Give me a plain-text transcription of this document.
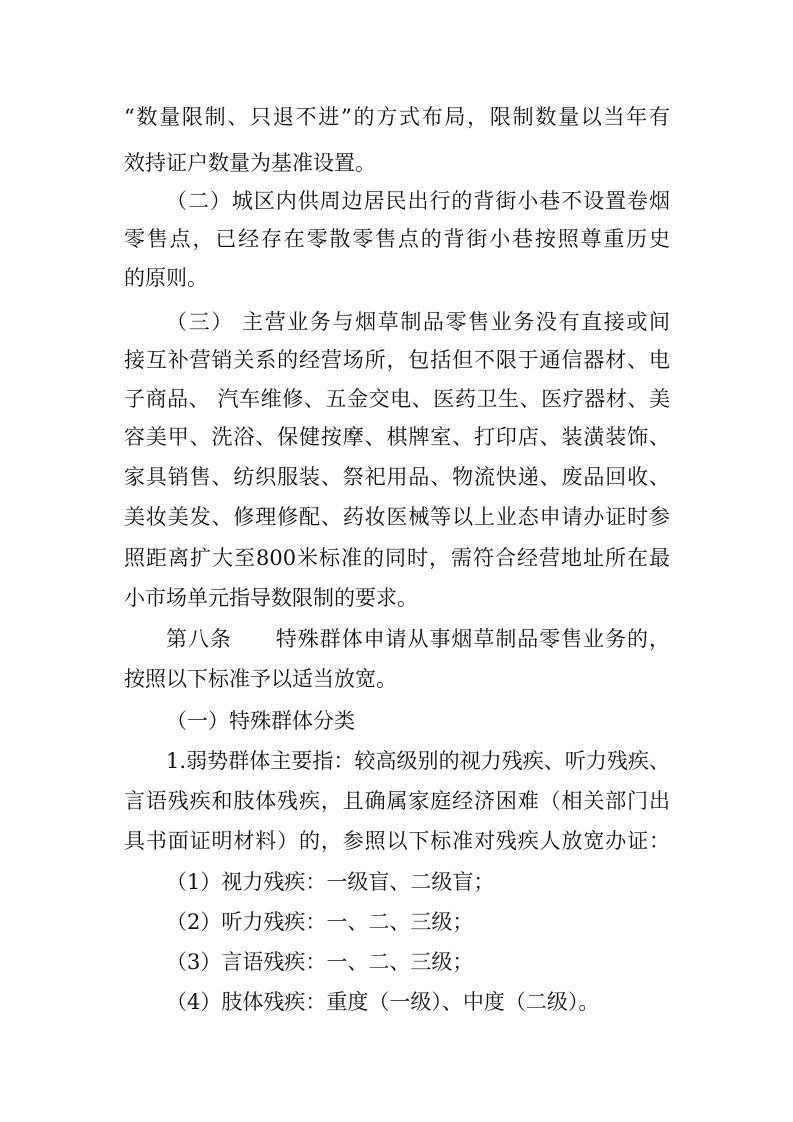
“数量限制、只退不进”的方式布局，限制数量以当年有
效持证户数量为基准设置。
（二）城区内供周边居民出行的背街小巷不设置卷烟
零售点，已经存在零散零售点的背街小巷按照尊重历史
的原则。
（三） 主营业务与烟草制品零售业务没有直接或间
接互补营销关系的经营场所，包括但不限于通信器材、电
子商品、 汽车维修、五金交电、医药卫生、医疗器材、美
容美甲、洗浴、保健按摩、棋牌室、打印店、装潢装饰、
家具销售、纺织服装、祭祀用品、物流快递、废品回收、
美妆美发、修理修配、药妆医械等以上业态申请办证时参
照距离扩大至800米标准的同时，需符合经营地址所在最
小市场单元指导数限制的要求。
第八条　　特殊群体申请从事烟草制品零售业务的，
按照以下标准予以适当放宽。
（一）特殊群体分类
1.弱势群体主要指：较高级别的视力残疾、听力残疾、
言语残疾和肢体残疾，且确属家庭经济困难（相关部门出
具书面证明材料）的，参照以下标准对残疾人放宽办证：
（1）视力残疾：一级盲、二级盲；
（2）听力残疾：一、二、三级；
（3）言语残疾：一、二、三级；
（4）肢体残疾：重度（一级）、中度（二级）。
